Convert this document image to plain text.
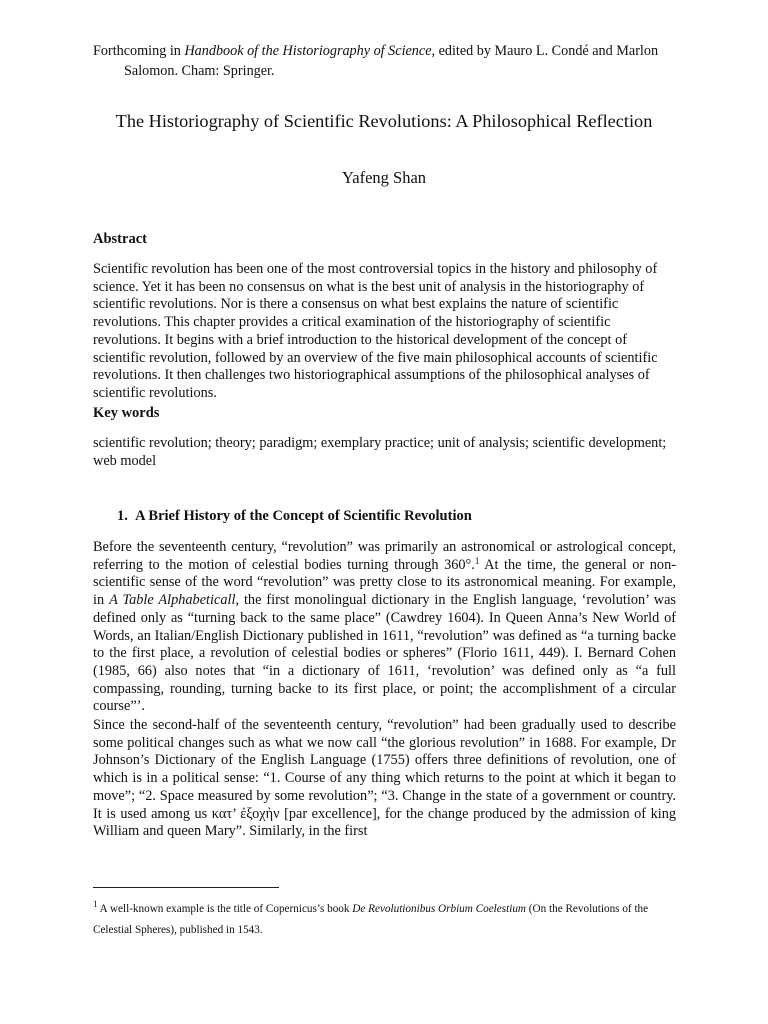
Forthcoming in Handbook of the Historiography of Science, edited by Mauro L. Condé and Marlon Salomon. Cham: Springer.
The Historiography of Scientific Revolutions: A Philosophical Reflection
Yafeng Shan
Abstract
Scientific revolution has been one of the most controversial topics in the history and philosophy of science. Yet it has been no consensus on what is the best unit of analysis in the historiography of scientific revolutions. Nor is there a consensus on what best explains the nature of scientific revolutions. This chapter provides a critical examination of the historiography of scientific revolutions. It begins with a brief introduction to the historical development of the concept of scientific revolution, followed by an overview of the five main philosophical accounts of scientific revolutions. It then challenges two historiographical assumptions of the philosophical analyses of scientific revolutions.
Key words
scientific revolution; theory; paradigm; exemplary practice; unit of analysis; scientific development; web model
1.  A Brief History of the Concept of Scientific Revolution
Before the seventeenth century, “revolution” was primarily an astronomical or astrological concept, referring to the motion of celestial bodies turning through 360°.$^1$ At the time, the general or non-scientific sense of the word “revolution” was pretty close to its astronomical meaning. For example, in A Table Alphabeticall, the first monolingual dictionary in the English language, ‘revolution’ was defined only as “turning back to the same place” (Cawdrey 1604). In Queen Anna’s New World of Words, an Italian/English Dictionary published in 1611, “revolution” was defined as “a turning backe to the first place, a revolution of celestial bodies or spheres” (Florio 1611, 449). I. Bernard Cohen (1985, 66) also notes that “in a dictionary of 1611, ‘revolution’ was defined only as “a full compassing, rounding, turning backe to its first place, or point; the accomplishment of a circular course”’.
Since the second-half of the seventeenth century, “revolution” had been gradually used to describe some political changes such as what we now call “the glorious revolution” in 1688. For example, Dr Johnson’s Dictionary of the English Language (1755) offers three definitions of revolution, one of which is in a political sense: “1. Course of any thing which returns to the point at which it began to move”; “2. Space measured by some revolution”; “3. Change in the state of a government or country. It is used among us κατ’ ἐξοχὴν [par excellence], for the change produced by the admission of king William and queen Mary”. Similarly, in the first
$^1$ A well-known example is the title of Copernicus’s book De Revolutionibus Orbium Coelestium (On the Revolutions of the Celestial Spheres), published in 1543.
